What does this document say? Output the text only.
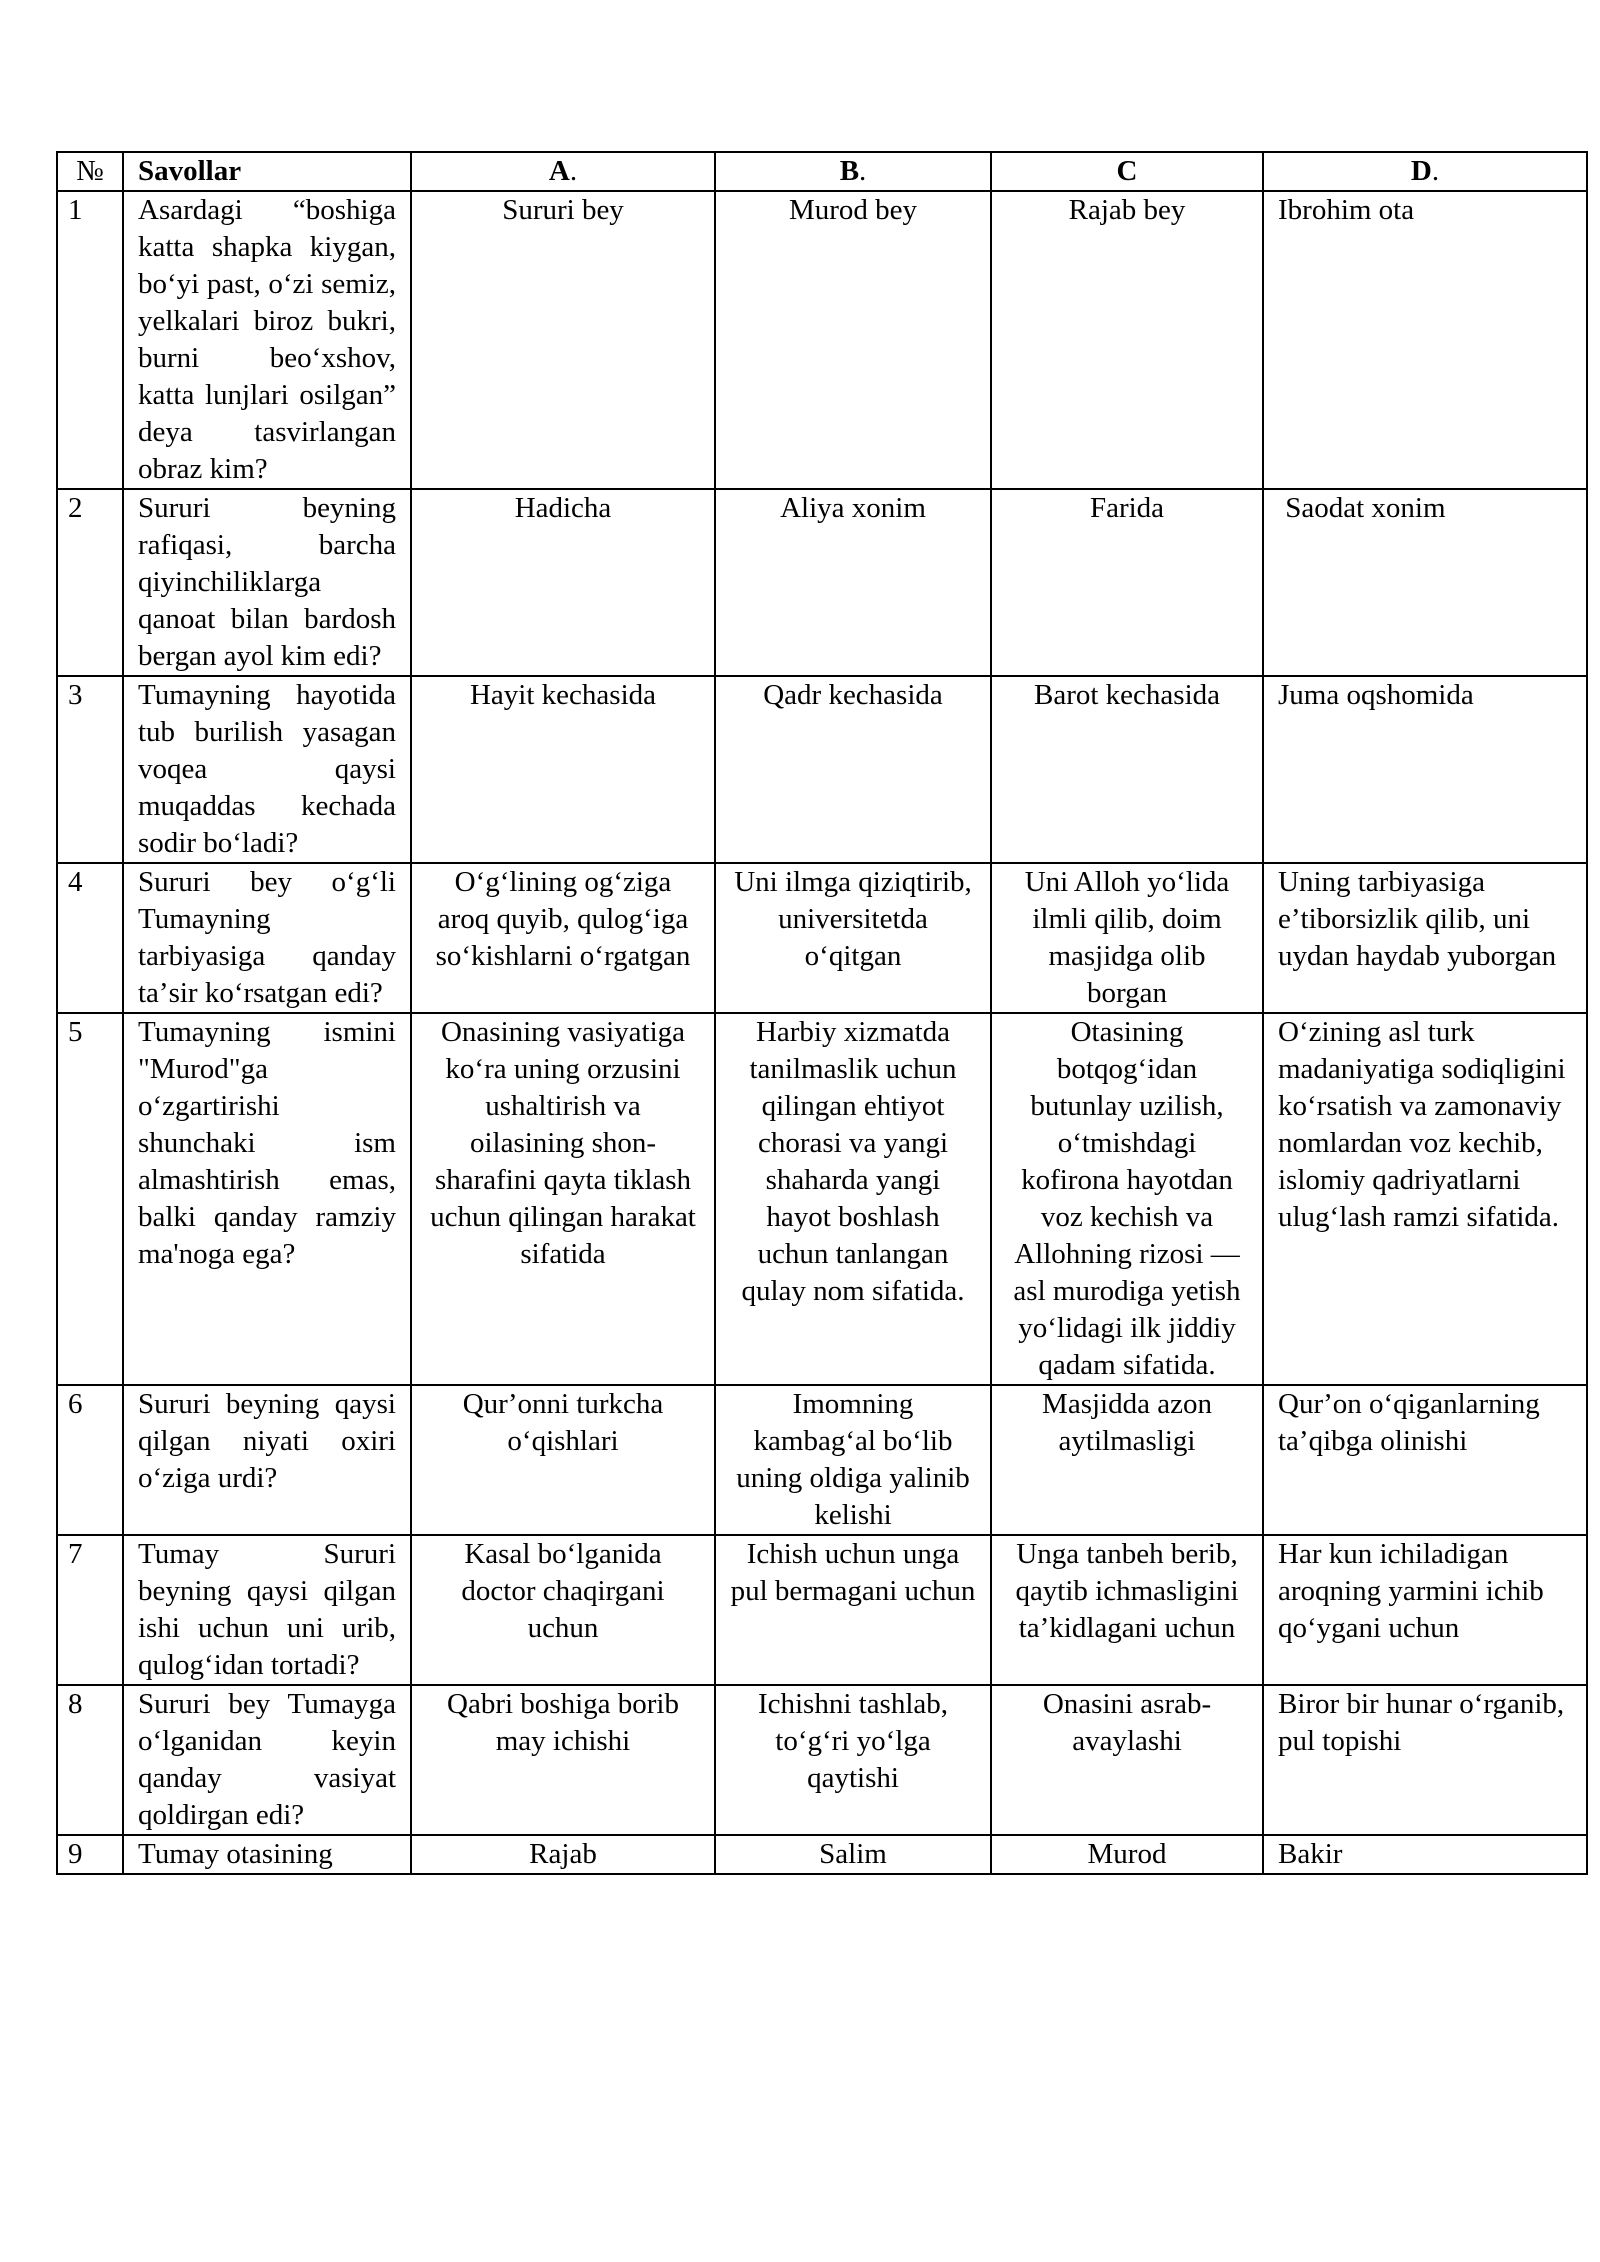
№	Savollar	A.	B.	C	D.
1	Asardagi “boshiga katta shapka kiygan, boʻyi past, oʻzi semiz, yelkalari biroz bukri, burni beoʻxshov, katta lunjlari osilgan” deya tasvirlangan obraz kim?	Sururi bey	Murod bey	Rajab bey	Ibrohim ota
2	Sururi beyning rafiqasi, barcha qiyinchiliklarga qanoat bilan bardosh bergan ayol kim edi?	Hadicha	Aliya xonim	Farida	Saodat xonim
3	Tumayning hayotida tub burilish yasagan voqea qaysi muqaddas kechada sodir boʻladi?	Hayit kechasida	Qadr kechasida	Barot kechasida	Juma oqshomida
4	Sururi bey oʻgʻli Tumayning tarbiyasiga qanday taʼsir koʻrsatgan edi?	Oʻgʻlining ogʻziga aroq quyib, qulogʻiga soʻkishlarni oʻrgatgan	Uni ilmga qiziqtirib, universitetda oʻqitgan	Uni Alloh yoʻlida ilmli qilib, doim masjidga olib borgan	Uning tarbiyasiga eʼtiborsizlik qilib, uni uydan haydab yuborgan
5	Tumayning ismini "Murod"ga oʻzgartirishi shunchaki ism almashtirish emas, balki qanday ramziy ma'noga ega?	Onasining vasiyatiga koʻra uning orzusini ushaltirish va oilasining shon-sharafini qayta tiklash uchun qilingan harakat sifatida	Harbiy xizmatda tanilmaslik uchun qilingan ehtiyot chorasi va yangi shaharda yangi hayot boshlash uchun tanlangan qulay nom sifatida.	Otasining botqogʻidan butunlay uzilish, oʻtmishdagi kofirona hayotdan voz kechish va Allohning rizosi — asl murodiga yetish yoʻlidagi ilk jiddiy qadam sifatida.	Oʻzining asl turk madaniyatiga sodiqligini koʻrsatish va zamonaviy nomlardan voz kechib, islomiy qadriyatlarni ulugʻlash ramzi sifatida.
6	Sururi beyning qaysi qilgan niyati oxiri oʻziga urdi?	Qurʼonni turkcha oʻqishlari	Imomning kambagʻal boʻlib uning oldiga yalinib kelishi	Masjidda azon aytilmasligi	Qurʼon oʻqiganlarning taʼqibga olinishi
7	Tumay Sururi beyning qaysi qilgan ishi uchun uni urib, qulogʻidan tortadi?	Kasal boʻlganida doctor chaqirgani uchun	Ichish uchun unga pul bermagani uchun	Unga tanbeh berib, qaytib ichmasligini taʼkidlagani uchun	Har kun ichiladigan aroqning yarmini ichib qoʻygani uchun
8	Sururi bey Tumayga oʻlganidan keyin qanday vasiyat qoldirgan edi?	Qabri boshiga borib may ichishi	Ichishni tashlab, toʻgʻri yoʻlga qaytishi	Onasini asrab-avaylashi	Biror bir hunar oʻrganib, pul topishi
9	Tumay otasining	Rajab	Salim	Murod	Bakir
